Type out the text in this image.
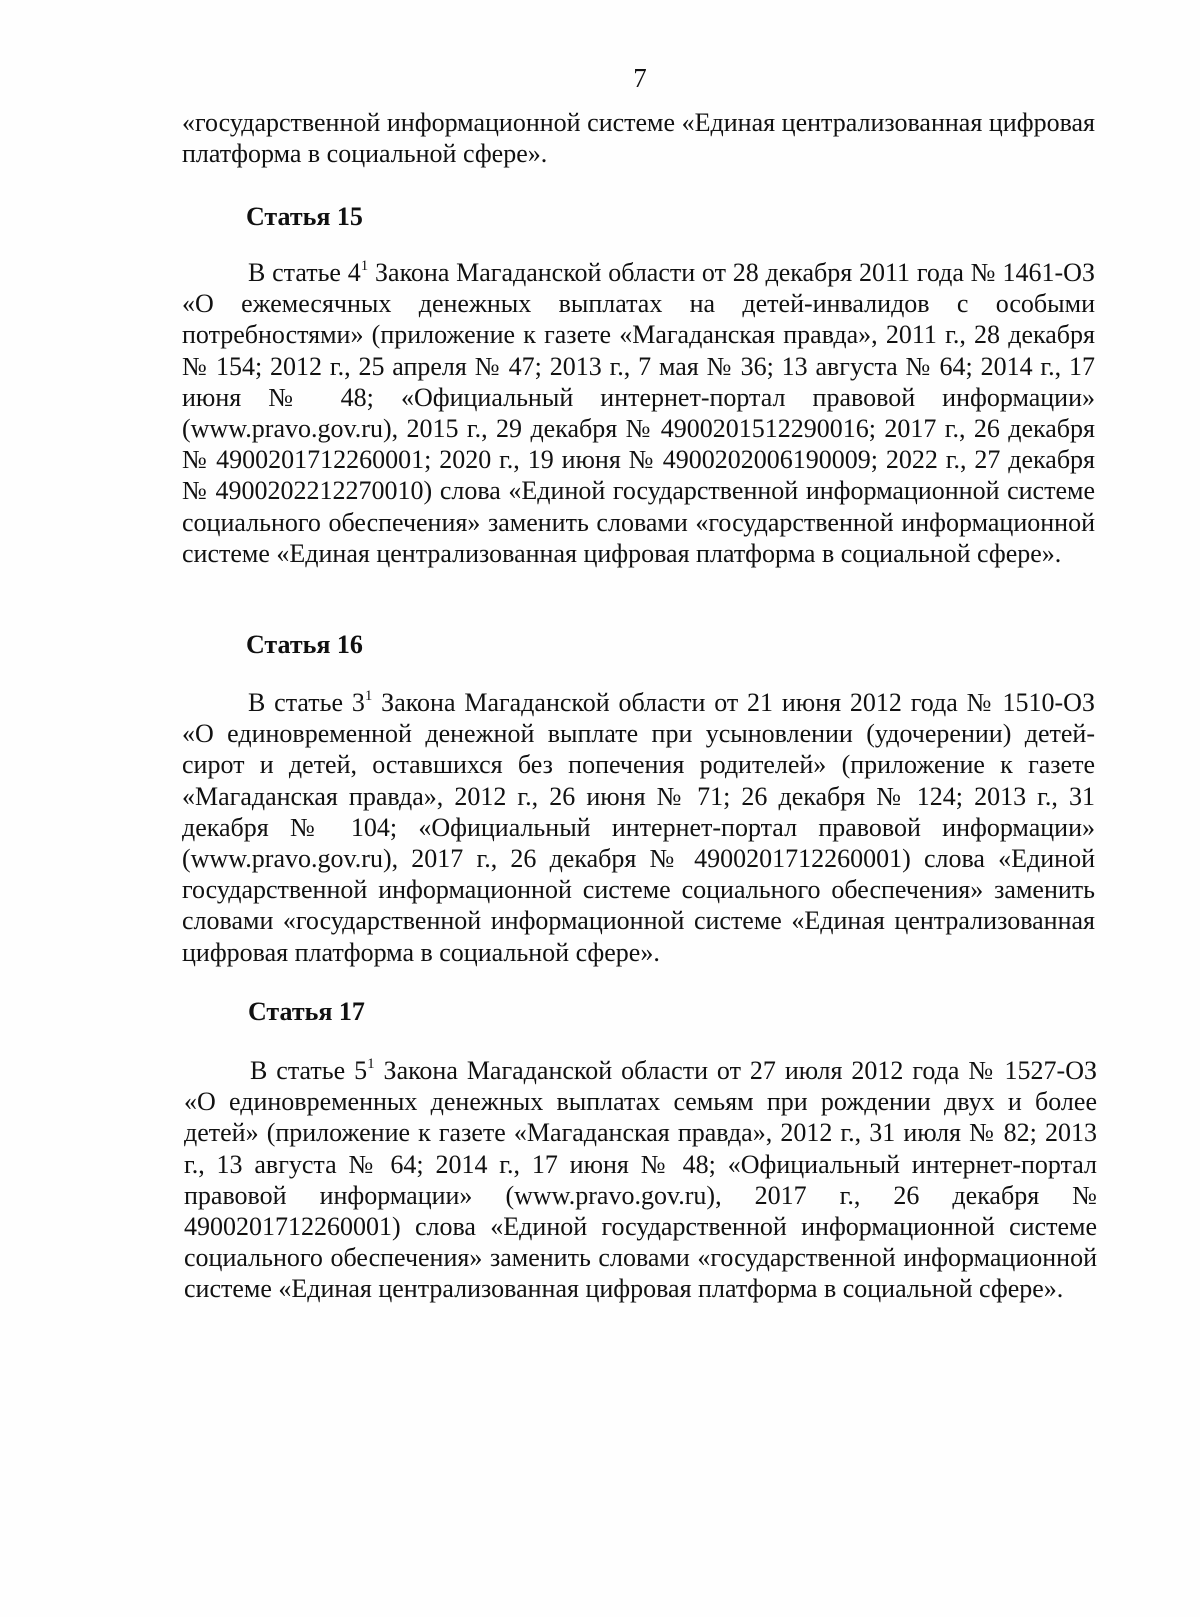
7

«государственной информационной системе «Единая централизованная цифровая платформа в социальной сфере».

Статья 15

В статье $4^1$ Закона Магаданской области от 28 декабря 2011 года № 1461-ОЗ «О ежемесячных денежных выплатах на детей-инвалидов с особыми потребностями» (приложение к газете «Магаданская правда», 2011 г., 28 декабря № 154; 2012 г., 25 апреля № 47; 2013 г., 7 мая № 36; 13 августа № 64; 2014 г., 17 июня № 48; «Официальный интернет-портал правовой информации» (www.pravo.gov.ru), 2015 г., 29 декабря № 4900201512290016; 2017 г., 26 декабря № 4900201712260001; 2020 г., 19 июня № 4900202006190009; 2022 г., 27 декабря № 4900202212270010) слова «Единой государственной информационной системе социального обеспечения» заменить словами «государственной информационной системе «Единая централизованная цифровая платформа в социальной сфере».

Статья 16

В статье $3^1$ Закона Магаданской области от 21 июня 2012 года № 1510-ОЗ «О единовременной денежной выплате при усыновлении (удочерении) детей-сирот и детей, оставшихся без попечения родителей» (приложение к газете «Магаданская правда», 2012 г., 26 июня № 71; 26 декабря № 124; 2013 г., 31 декабря № 104; «Официальный интернет-портал правовой информации» (www.pravo.gov.ru), 2017 г., 26 декабря № 4900201712260001) слова «Единой государственной информационной системе социального обеспечения» заменить словами «государственной информационной системе «Единая централизованная цифровая платформа в социальной сфере».

Статья 17

В статье $5^1$ Закона Магаданской области от 27 июля 2012 года № 1527-ОЗ «О единовременных денежных выплатах семьям при рождении двух и более детей» (приложение к газете «Магаданская правда», 2012 г., 31 июля № 82; 2013 г., 13 августа № 64; 2014 г., 17 июня № 48; «Официальный интернет-портал правовой информации» (www.pravo.gov.ru), 2017 г., 26 декабря № 4900201712260001) слова «Единой государственной информационной системе социального обеспечения» заменить словами «государственной информационной системе «Единая централизованная цифровая платформа в социальной сфере».
